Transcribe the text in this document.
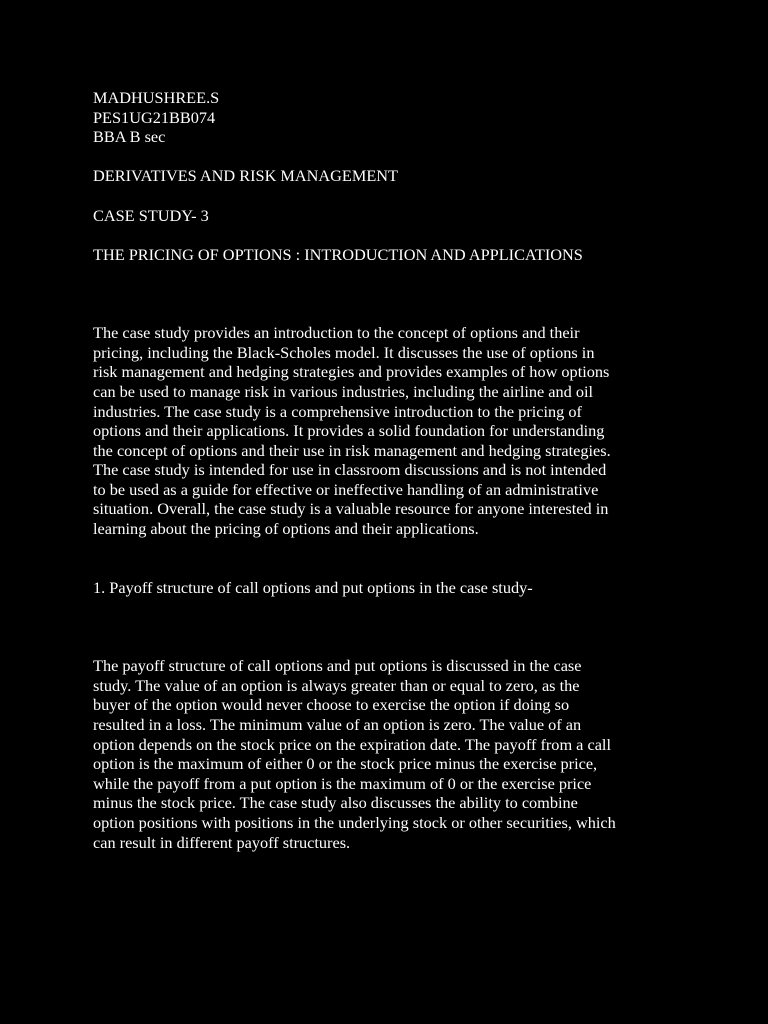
MADHUSHREE.S

PES1UG21BB074

BBA B sec

DERIVATIVES AND RISK MANAGEMENT

CASE STUDY- 3

THE PRICING OF OPTIONS : INTRODUCTION AND APPLICATIONS

The case study provides an introduction to the concept of options and their

pricing, including the Black-Scholes model. It discusses the use of options in

risk management and hedging strategies and provides examples of how options

can be used to manage risk in various industries, including the airline and oil

industries. The case study is a comprehensive introduction to the pricing of

options and their applications. It provides a solid foundation for understanding

the concept of options and their use in risk management and hedging strategies.

The case study is intended for use in classroom discussions and is not intended

to be used as a guide for effective or ineffective handling of an administrative

situation. Overall, the case study is a valuable resource for anyone interested in

learning about the pricing of options and their applications.

1. Payoff structure of call options and put options in the case study-

The payoff structure of call options and put options is discussed in the case

study. The value of an option is always greater than or equal to zero, as the

buyer of the option would never choose to exercise the option if doing so

resulted in a loss. The minimum value of an option is zero. The value of an

option depends on the stock price on the expiration date. The payoff from a call

option is the maximum of either 0 or the stock price minus the exercise price,

while the payoff from a put option is the maximum of 0 or the exercise price

minus the stock price. The case study also discusses the ability to combine

option positions with positions in the underlying stock or other securities, which

can result in different payoff structures.
